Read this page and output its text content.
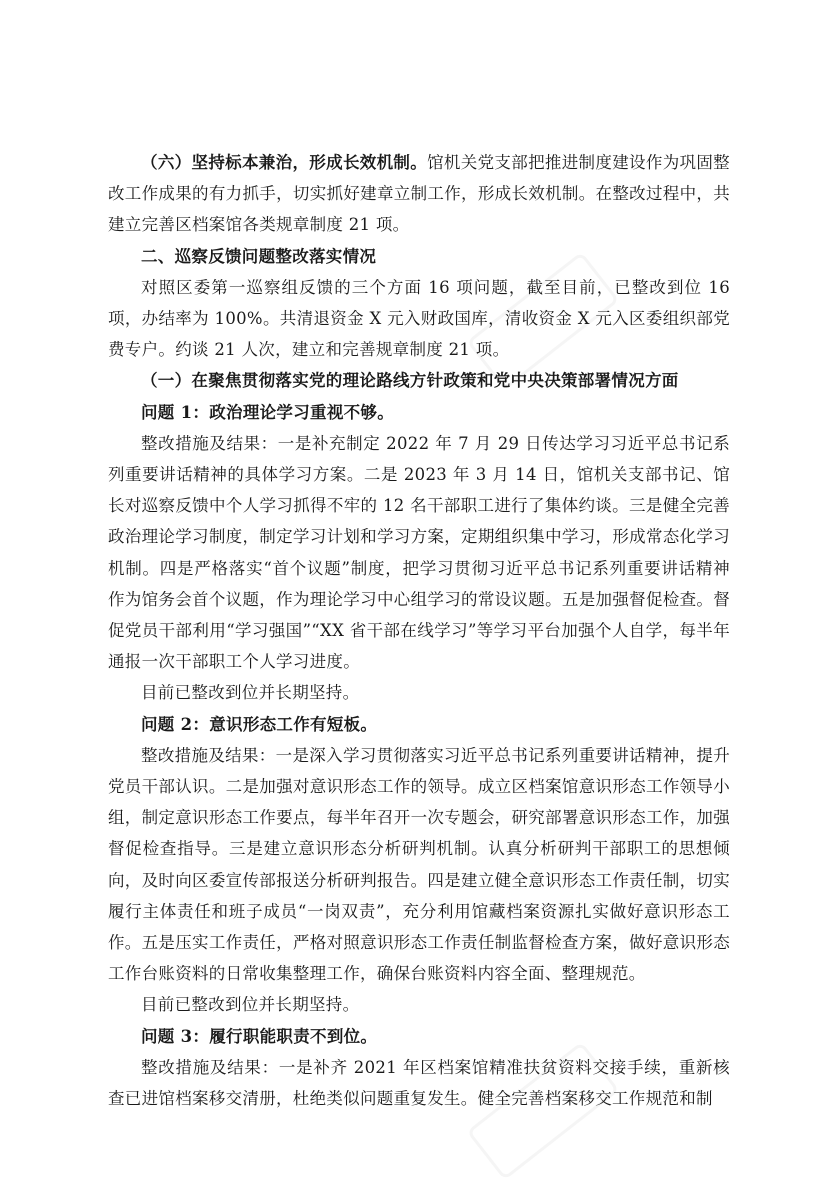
（六）坚持标本兼治，形成长效机制。馆机关党支部把推进制度建设作为巩固整改工作成果的有力抓手，切实抓好建章立制工作，形成长效机制。在整改过程中，共建立完善区档案馆各类规章制度 21 项。

二、巡察反馈问题整改落实情况

对照区委第一巡察组反馈的三个方面 16 项问题，截至目前，已整改到位 16 项，办结率为 100%。共清退资金 X 元入财政国库，清收资金 X 元入区委组织部党费专户。约谈 21 人次，建立和完善规章制度 21 项。

（一）在聚焦贯彻落实党的理论路线方针政策和党中央决策部署情况方面

问题 1：政治理论学习重视不够。

整改措施及结果：一是补充制定 2022 年 7 月 29 日传达学习习近平总书记系列重要讲话精神的具体学习方案。二是 2023 年 3 月 14 日，馆机关支部书记、馆长对巡察反馈中个人学习抓得不牢的 12 名干部职工进行了集体约谈。三是健全完善政治理论学习制度，制定学习计划和学习方案，定期组织集中学习，形成常态化学习机制。四是严格落实“首个议题”制度，把学习贯彻习近平总书记系列重要讲话精神作为馆务会首个议题，作为理论学习中心组学习的常设议题。五是加强督促检查。督促党员干部利用“学习强国”“XX 省干部在线学习”等学习平台加强个人自学，每半年通报一次干部职工个人学习进度。

目前已整改到位并长期坚持。

问题 2：意识形态工作有短板。

整改措施及结果：一是深入学习贯彻落实习近平总书记系列重要讲话精神，提升党员干部认识。二是加强对意识形态工作的领导。成立区档案馆意识形态工作领导小组，制定意识形态工作要点，每半年召开一次专题会，研究部署意识形态工作，加强督促检查指导。三是建立意识形态分析研判机制。认真分析研判干部职工的思想倾向，及时向区委宣传部报送分析研判报告。四是建立健全意识形态工作责任制，切实履行主体责任和班子成员“一岗双责”，充分利用馆藏档案资源扎实做好意识形态工作。五是压实工作责任，严格对照意识形态工作责任制监督检查方案，做好意识形态工作台账资料的日常收集整理工作，确保台账资料内容全面、整理规范。

目前已整改到位并长期坚持。

问题 3：履行职能职责不到位。

整改措施及结果：一是补齐 2021 年区档案馆精准扶贫资料交接手续，重新核查已进馆档案移交清册，杜绝类似问题重复发生。健全完善档案移交工作规范和制
